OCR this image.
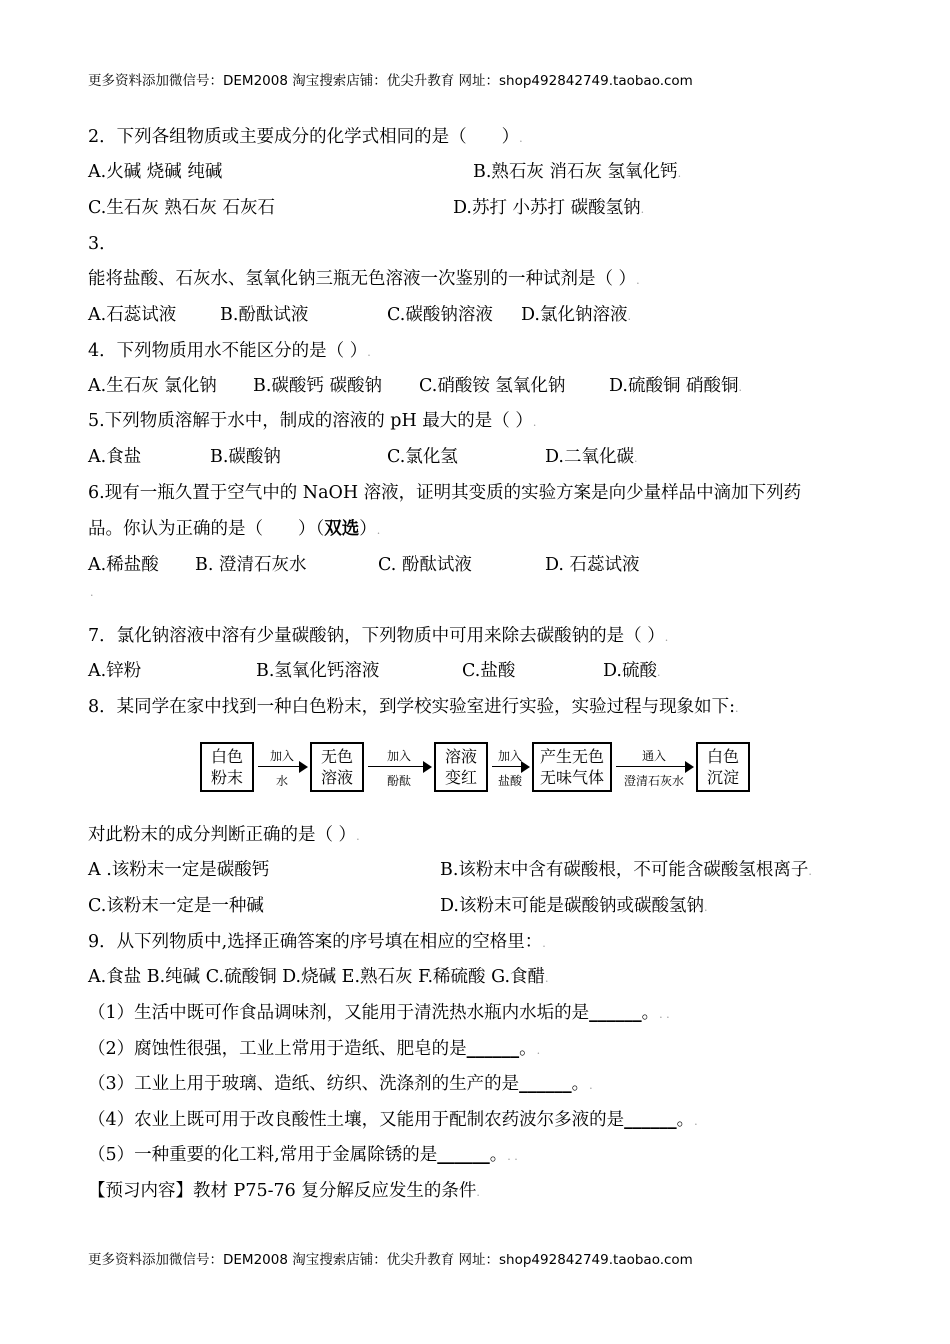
更多资料添加微信号：DEM2008 淘宝搜索店铺：优尖升教育 网址：shop492842749.taobao.com
2．下列各组物质或主要成分的化学式相同的是（　　）.
A.火碱 烧碱 纯碱	B.熟石灰 消石灰 氢氧化钙.
C.生石灰 熟石灰 石灰石	D.苏打 小苏打 碳酸氢钠.
3．
能将盐酸、石灰水、氢氧化钠三瓶无色溶液一次鉴别的一种试剂是（ ）.
A.石蕊试液	B.酚酞试液	C.碳酸钠溶液 D.氯化钠溶液.
4．下列物质用水不能区分的是（ ）.
A.生石灰 氯化钠 B.碳酸钙 碳酸钠 C.硝酸铵 氢氧化钠 D.硫酸铜 硝酸铜.
5.下列物质溶解于水中，制成的溶液的 pH 最大的是（ ）.
A.食盐	B.碳酸钠	C.氯化氢	D.二氧化碳.
6.现有一瓶久置于空气中的 NaOH 溶液，证明其变质的实验方案是向少量样品中滴加下列药
品。你认为正确的是（　　）（双选）.
A.稀盐酸 B. 澄清石灰水	C. 酚酞试液	D. 石蕊试液
.
7．氯化钠溶液中溶有少量碳酸钠，下列物质中可用来除去碳酸钠的是（ ）.
A.锌粉	B.氢氧化钙溶液	C.盐酸	D.硫酸.
8．某同学在家中找到一种白色粉末，到学校实验室进行实验，实验过程与现象如下:.
白色
粉末
加入
水
无色
溶液
加入
酚酞
溶液
变红
加入
盐酸
产生无色
无味气体
通入
澄清石灰水
白色
沉淀
对此粉末的成分判断正确的是（ ）.
A .该粉末一定是碳酸钙	B.该粉末中含有碳酸根，不可能含碳酸氢根离子.
C.该粉末一定是一种碱	D.该粉末可能是碳酸钠或碳酸氢钠.
9．从下列物质中,选择正确答案的序号填在相应的空格里：.
A.食盐 B.纯碱 C.硫酸铜 D.烧碱 E.熟石灰 F.稀硫酸 G.食醋.
（1）生活中既可作食品调味剂，又能用于清洗热水瓶内水垢的是______。. .
（2）腐蚀性很强，工业上常用于造纸、肥皂的是______。.
（3）工业上用于玻璃、造纸、纺织、洗涤剂的生产的是______。.
（4）农业上既可用于改良酸性土壤，又能用于配制农药波尔多液的是______。.
（5）一种重要的化工料,常用于金属除锈的是______。. .
【预习内容】教材 P75-76 复分解反应发生的条件.
更多资料添加微信号：DEM2008 淘宝搜索店铺：优尖升教育 网址：shop492842749.taobao.com
